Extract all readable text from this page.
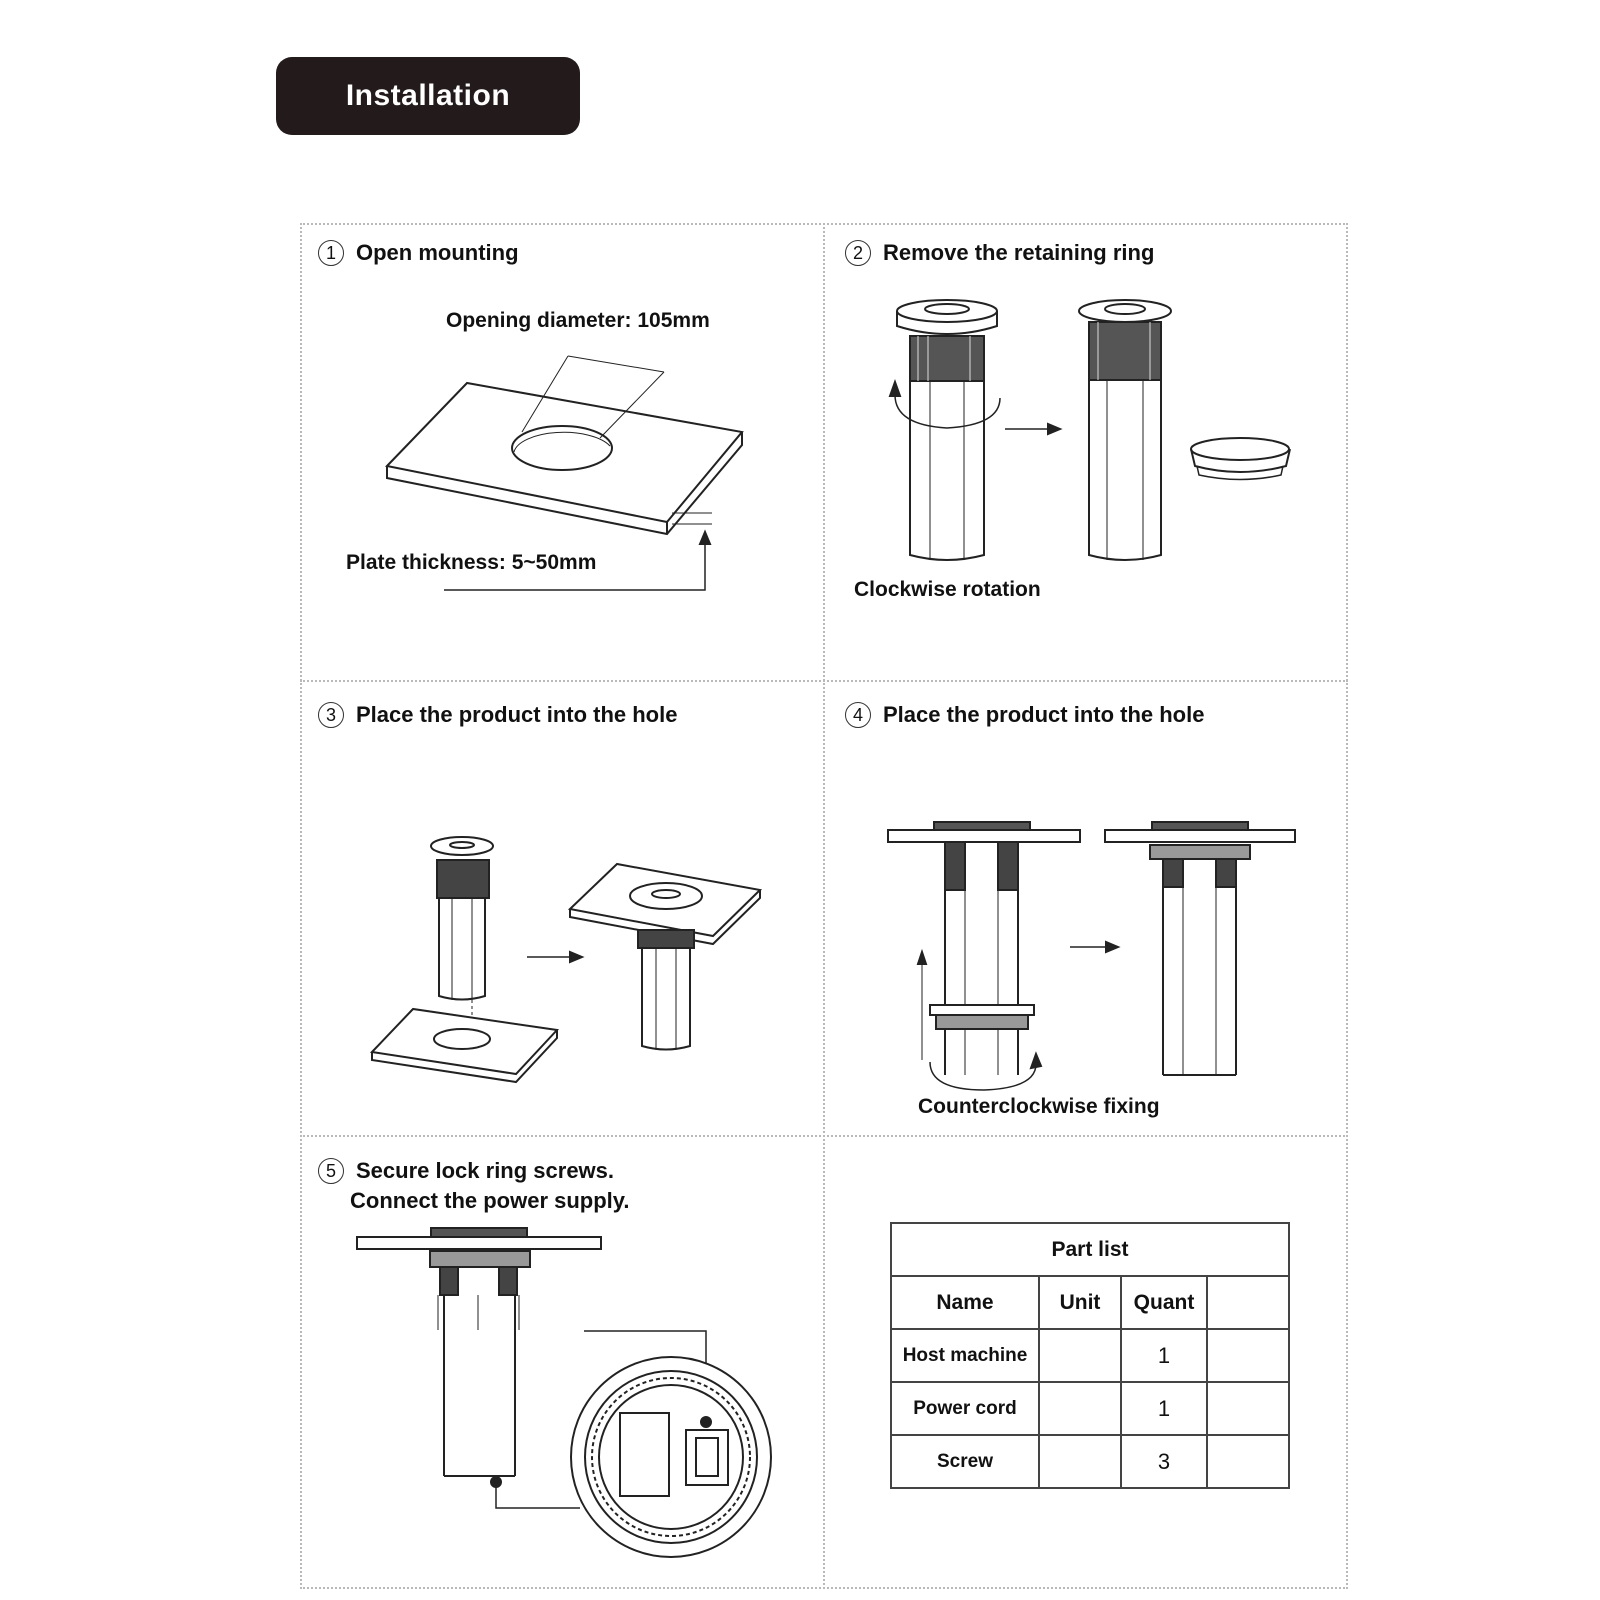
Installation
1 Open mounting	2 Remove the retaining ring
3 Place the product into the hole	4 Place the product into the hole
5 Secure lock ring screws.
Connect the power supply.
Opening diameter: 105mm
Plate thickness: 5~50mm
Clockwise rotation
Counterclockwise fixing
Part list			
Name	Unit	Quant	
Host machine		1	
Power cord		1	
Screw		3	
